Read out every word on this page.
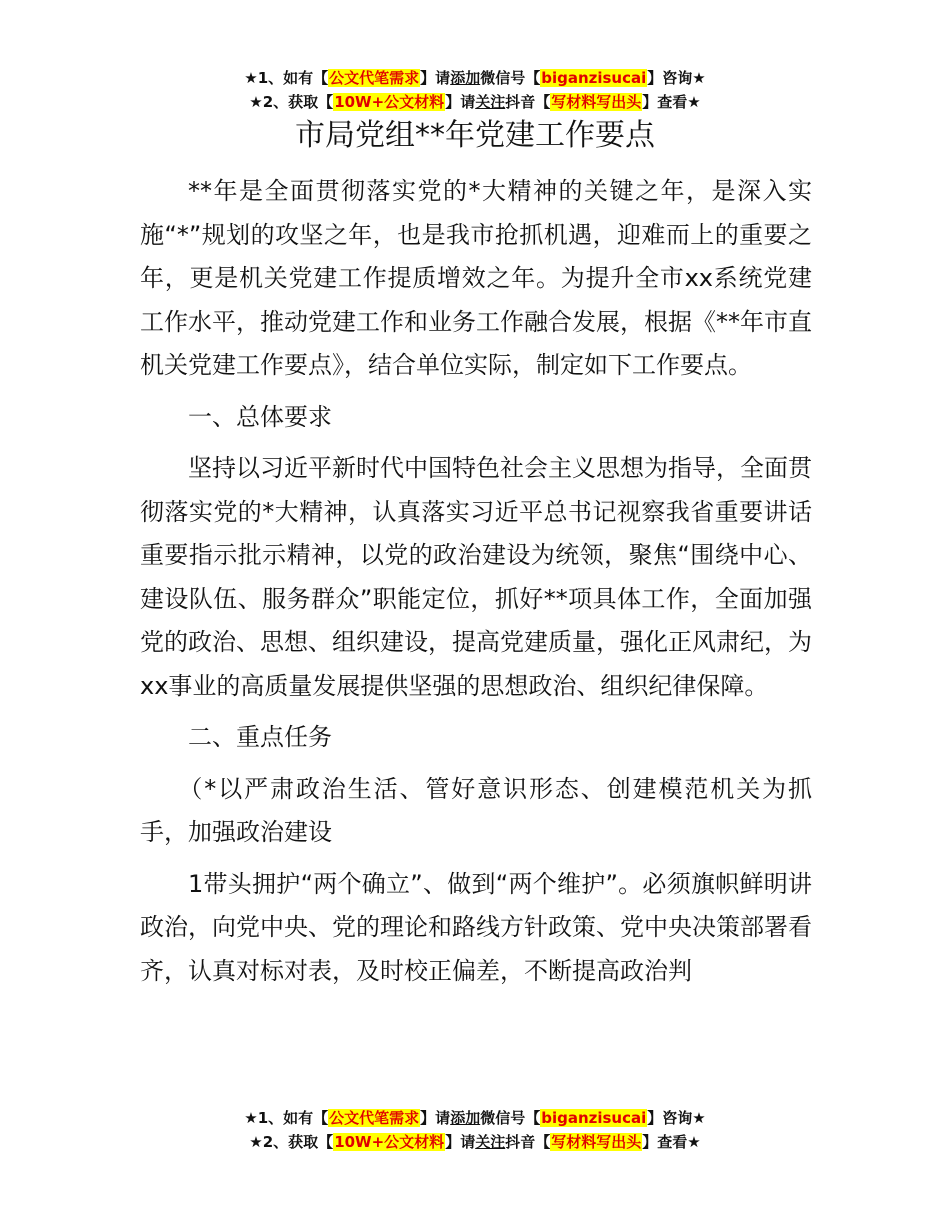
★1、如有【公文代笔需求】请添加微信号【biganzisucai】咨询★
★2、获取【10W+公文材料】请关注抖音【写材料写出头】查看★
市局党组**年党建工作要点

**年是全面贯彻落实党的*大精神的关键之年，是深入实施“*”规划的攻坚之年，也是我市抢抓机遇，迎难而上的重要之年，更是机关党建工作提质增效之年。为提升全市xx系统党建工作水平，推动党建工作和业务工作融合发展，根据《**年市直机关党建工作要点》，结合单位实际，制定如下工作要点。

一、总体要求

坚持以习近平新时代中国特色社会主义思想为指导，全面贯彻落实党的*大精神，认真落实习近平总书记视察我省重要讲话重要指示批示精神，以党的政治建设为统领，聚焦“围绕中心、建设队伍、服务群众”职能定位，抓好**项具体工作，全面加强党的政治、思想、组织建设，提高党建质量，强化正风肃纪，为xx事业的高质量发展提供坚强的思想政治、组织纪律保障。

二、重点任务

（*以严肃政治生活、管好意识形态、创建模范机关为抓手，加强政治建设

1带头拥护“两个确立”、做到“两个维护”。必须旗帜鲜明讲政治，向党中央、党的理论和路线方针政策、党中央决策部署看齐，认真对标对表，及时校正偏差，不断提高政治判

★1、如有【公文代笔需求】请添加微信号【biganzisucai】咨询★
★2、获取【10W+公文材料】请关注抖音【写材料写出头】查看★
